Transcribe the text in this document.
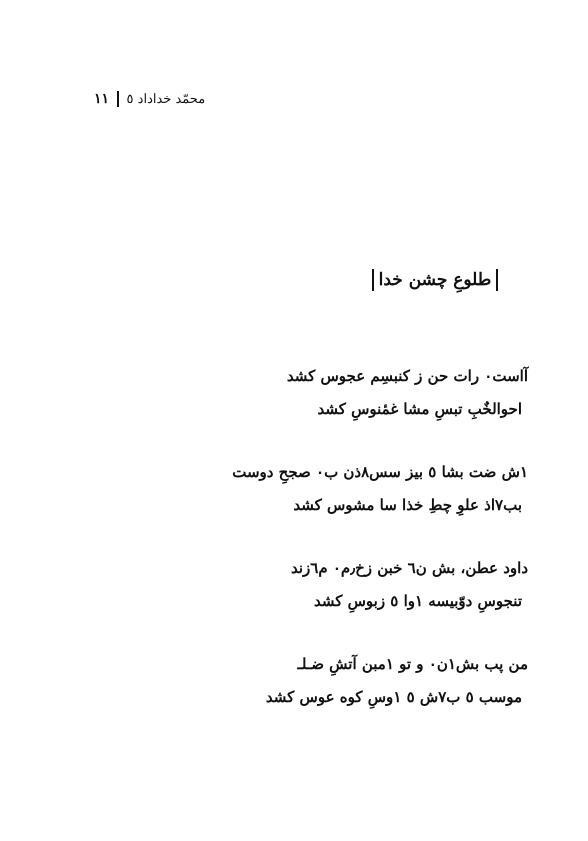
١١ محمّد خداداد ٥
طلوعِ چشن خدا
آاست٠ رات حن ز کنبسِم عجوس کشد
احوالخٌبِ تبسِ مشا غمٔنوسِ کشد
١ش ضت بشا ٥ بیز سس٨ذن ب٠ صجحِ دوست
بب٧اذ علوِ چطِ خذا سا مشوس کشد
داود عطن، بش ن٦ خبن زخ٫م٠ م٦زند
تنجوسِ دوّبیسه ١وا ٥ زبوسِ کشد
من پب بش١ن٠ و تو ١مبن آتشِ ضـلـ
موسب ٥ ب٧ش ٥ ١وسِ کوه عوس کشد
